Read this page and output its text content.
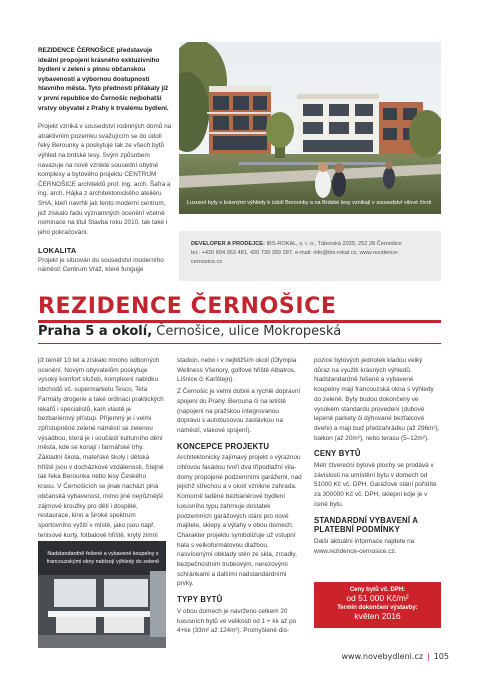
REZIDENCE ČERNOŠICE představuje ideální propojení krásného exkluzivního bydlení v zeleni s plnou občanskou vybaveností a výbornou dostupností hlavního města. Tyto předností přilákaly již v první republice do Černošic nejbohatší vrstvy obyvatel z Prahy k trvalému bydlení.

Projekt vzniká v sousedství rodinných domů na atraktivním pozemku svažujícím se do údolí řeky Berounky a poskytuje tak ze všech bytů výhled na brdské lesy. Svým způsobem navazuje na nově vzniklé sousední obytné komplexy a bytového projektu CENTRUM ČERNOŠICE architektů prof. ing. arch. Šafra a ing. arch. Hájka z architektonického ateliéru SHA, kteří navrhli jak tento moderní centrum, jež získalo řadu významných ocenění včetně nominace na titul Stavba roku 2010, tak také i jeho pokračování.

LOKALITA

Projekt je situován do sousedství moderního náměstí Centrum Vráž, které fungujje

Luxusní byty s krásnými výhledy k údolí Berounky a na Brdské lesy vznikají v sousedství vilové čtvrti
DEVELOPER A PRODEJCE: IBS-ROKAL, s. r. o., Táborská 2025, 252 28 Černošice
tel.: +420 604 363 481, 420 739 359 287, e-mail: info@ibs-rokal.cz, www.rezidence-cernosice.cz
REZIDENCE ČERNOŠICE
Praha 5 a okolí, Černošice, ulice Mokropeská

již téměř 10 let a získalo mnoho odborných ocenění. Novým obyvatelům poskytuje vysoký komfort služeb, komplexní nabídku obchodů vč. supermarketu Tesco, Teta Farmáty drogerie a také ordinaci praktických lékařů i specialistů, kam vlastě je bezbariérový přístup. Příjemný je i velmi zpřístupněné zelené náměstí se zelenou výsadbou, která je i součástí kulturního dění města, kde se konají i farmářské trhy. Základní škola, mateřské školy i dětská hřiště jsou v docházkové vzdálenosti. Stejně tak řeka Berounka nebo lesy Českého krasu. V Černošicích se jinak nachází plná občanská vybavenost, mimo jiné nejrůznější zájmové kroužky pro děti i dospělé, restaurace, kino a široké spektrum sportovního vyžití v místě, jako jsou např. tenisové kurty, fotbalové hřiště, krytý zimní

Nadstandardně řešené a vybavené koupelny s francouzskými okny nabízejí výhledy do zeleně

stadion, nebo i v nejbližším okolí (Olympia Wellness Všenory, golfové hřiště Albatros, Líšnice či Karlštejn).

Z Černošic je velmi dobré a rychlé dopravní spojení do Prahy. Berouna či na letiště (napojení na pražskou integrovanou dopravu s autobusovou zastávkou na náměstí, vlakové spojení).

KONCEPCE PROJEKTU

Architektonicky zajímavý projekt s výraznou cihlovou fasádou tvoří dva třípodlažní vila-domy propojené podzemními garážemi, nad jejichž střechou a v okolí vznikne zahrada. Komorně laděné bezbariérové bydlení luxusního typu zahrnuje dostatek podzemních garážových stání pro nové majitele, sklepy a výtahy v obou domech. Charakter projektu symbolizuje už vstupní hala s velkoformátovou dlažbou, nasvícenými obklady stěn ze skla, zrcadly, bezpečnostním trubkovým, nerezovými schránkami a dalšími nadstandardními prvky.

TYPY BYTŮ

V obou domech je navrženo celkem 20 luxusních bytů ve velikosti od 1 + kk až po 4+kk (33m² až 124m²). Promyšlené dis-

pozice bytových jednotek kladou velký důraz na využití krásných výhledů. Nadstandardně řešené a vybavené koupelny mají francouzská okna s výhledy do zeleně. Byty budou dokončeny ve vysokém standardu provedení (dubové lepené parkety či dýhované bezfalcové dveře) a mají buď předzahrádku (až 296m²), balkon (až 20m²), nebo terasu (5–12m²).

CENY BYTŮ

Metr čtvereční bytové plochy se prodává v závislosti na umístění bytu v domech od 51000 Kč vč. DPH. Garážové stání pořídíte za 300000 Kč vč. DPH, sklepní kóje je v ceně bytu.

STANDARDNÍ VYBAVENÍ A PLATEBNÍ PODMÍNKY

Další aktuální informace najdete na www.rezidence-cernosice.cz.

Ceny bytů vč. DPH:
od 51 000 Kč/m²
Termín dokončení výstavby:
květen 2016
www.novebydleni.cz | 105
